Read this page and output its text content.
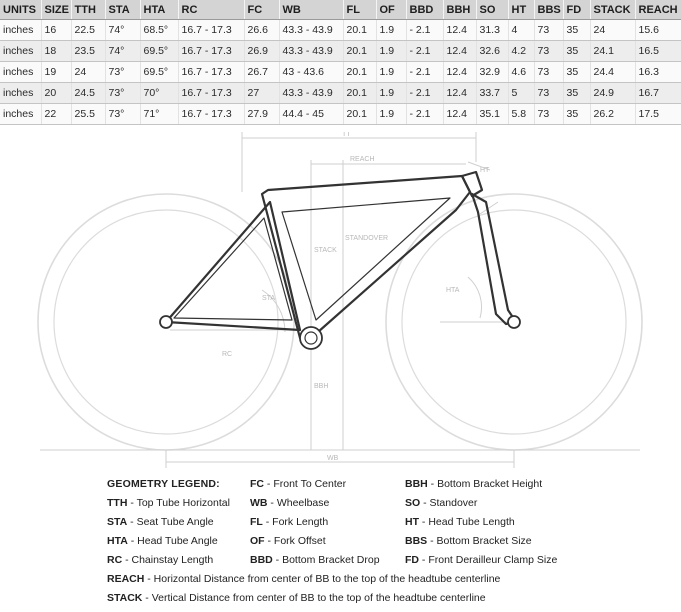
UNITS	SIZE	TTH	STA	HTA	RC	FC	WB	FL	OF	BBD	BBH	SO	HT	BBS	FD	STACK	REACH
inches	16	22.5	74°	68.5°	16.7 - 17.3	26.6	43.3 - 43.9	20.1	1.9	- 2.1	12.4	31.3	4	73	35	24	15.6
inches	18	23.5	74°	69.5°	16.7 - 17.3	26.9	43.3 - 43.9	20.1	1.9	- 2.1	12.4	32.6	4.2	73	35	24.1	16.5
inches	19	24	73°	69.5°	16.7 - 17.3	26.7	43 - 43.6	20.1	1.9	- 2.1	12.4	32.9	4.6	73	35	24.4	16.3
inches	20	24.5	73°	70°	16.7 - 17.3	27	43.3 - 43.9	20.1	1.9	- 2.1	12.4	33.7	5	73	35	24.9	16.7
inches	22	25.5	73°	71°	16.7 - 17.3	27.9	44.4 - 45	20.1	1.9	- 2.1	12.4	35.1	5.8	73	35	26.2	17.5
TT
REACH
HT
STACK
STANDOVER
STA
HTA
RC
BBH
WB
GEOMETRY LEGEND:
TTH - Top Tube Horizontal
STA - Seat Tube Angle
HTA - Head Tube Angle
RC - Chainstay Length
FC - Front To Center
WB - Wheelbase
FL - Fork Length
OF - Fork Offset
BBD - Bottom Bracket Drop
BBH - Bottom Bracket Height
SO - Standover
HT - Head Tube Length
BBS - Bottom Bracket Size
FD - Front Derailleur Clamp Size
REACH - Horizontal Distance from center of BB to the top of the headtube centerline
STACK - Vertical Distance from center of BB to the top of the headtube centerline
